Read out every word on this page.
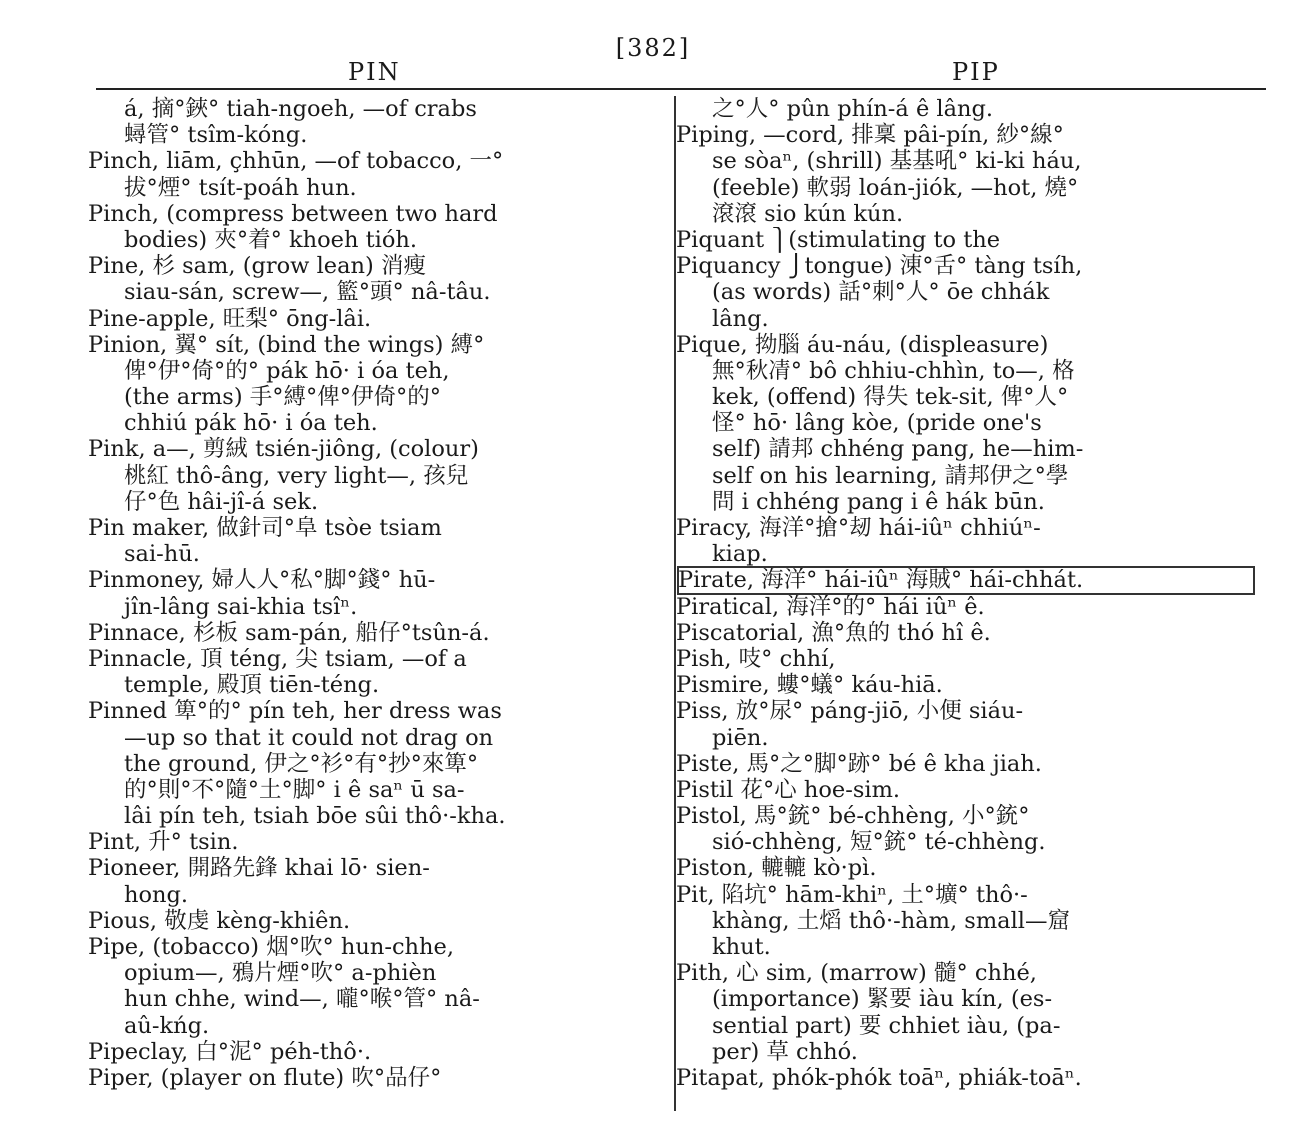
[382]
PIN	PIP
á, 摘°鋏° tiah-ngoeh, —of crabs
蟳管° tsîm-kóng.
Pinch, liām, ҫhhūn, —of tobacco, 一°
拔°煙° tsít-poáh hun.
Pinch, (compress between two hard
bodies) 夾°着° khoeh tióh.
Pine, 杉 sam, (grow lean) 消瘦
siau-sán, screw—, 籃°頭° nâ-tâu.
Pine-apple, 旺梨° ōng-lâi.
Pinion, 翼° sít, (bind the wings) 縛°
俾°伊°倚°的° pák hō· i óa teh,
(the arms) 手°縛°俾°伊倚°的°
chhiú pák hō· i óa teh.
Pink, a—, 剪絨 tsién-jiông, (colour)
桃紅 thô-âng, very light—, 孩兒
仔°色 hâi-jî-á sek.
Pin maker, 做針司°阜 tsòe tsiam
sai-hū.
Pinmoney, 婦人人°私°脚°錢° hū-
jîn-lâng sai-khia tsîⁿ.
Pinnace, 杉板 sam-pán, 船仔°tsûn-á.
Pinnacle, 頂 téng, 尖 tsiam, —of a
temple, 殿頂 tiēn-téng.
Pinned 箄°的° pín teh, her dress was
—up so that it could not drag on
the ground, 伊之°衫°有°抄°來箄°
的°則°不°隨°土°脚° i ê saⁿ ū sa-
lâi pín teh, tsiah bōe sûi thô·-kha.
Pint, 升° tsin.
Pioneer, 開路先鋒 khai lō· sien-
hong.
Pious, 敬虔 kèng-khiên.
Pipe, (tobacco) 烟°吹° hun-chhe,
opium—, 鴉片煙°吹° a-phièn
hun chhe, wind—, 嚨°喉°管° nâ-
aû-kńg.
Pipeclay, 白°泥° péh-thô·.
Piper, (player on flute) 吹°品仔°
之°人° pûn phín-á ê lâng.
Piping, —cord, 排稟 pâi-pín, 紗°線°
se sòaⁿ, (shrill) 基基吼° ki-ki háu,
(feeble) 軟弱 loán-jiók, —hot, 燒°
滾滾 sio kún kún.
Piquant ⎫(stimulating to the
Piquancy ⎭tongue) 涷°舌° tàng tsíh,
(as words) 話°刺°人° ōe chhák
lâng.
Pique, 拗腦 áu-náu, (displeasure)
無°秋凊° bô chhiu-chhìn, to—, 格
kek, (offend) 得失 tek-sit, 俾°人°
怪° hō· lâng kòe, (pride one's
self) 請邦 chhéng pang, he—him-
self on his learning, 請邦伊之°學
問 i chhéng pang i ê hák būn.
Piracy, 海洋°搶°刼 hái-iûⁿ chhiúⁿ-
kiap.
Pirate, 海洋° hái-iûⁿ 海賊° hái-chhát.
Piratical, 海洋°的° hái iûⁿ ê.
Piscatorial, 漁°魚的 thó hî ê.
Pish, 吱° chhí,
Pismire, 螻°蟻° káu-hiā.
Piss, 放°尿° páng-jiō, 小便 siáu-
piēn.
Piste, 馬°之°脚°跡° bé ê kha jiah.
Pistil 花°心 hoe-sim.
Pistol, 馬°銃° bé-chhèng, 小°銃°
sió-chhèng, 短°銃° té-chhèng.
Piston, 轆轆 kò·pì.
Pit, 陷坑° hām-khiⁿ, 土°壙° thô·-
khàng, 土熖 thô·-hàm, small—窟
khut.
Pith, 心 sim, (marrow) 髓° chhé,
(importance) 緊要 iàu kín, (es-
sential part) 要 chhiet iàu, (pa-
per) 草 chhó.
Pitapat, phók-phók toāⁿ, phiák-toāⁿ.
